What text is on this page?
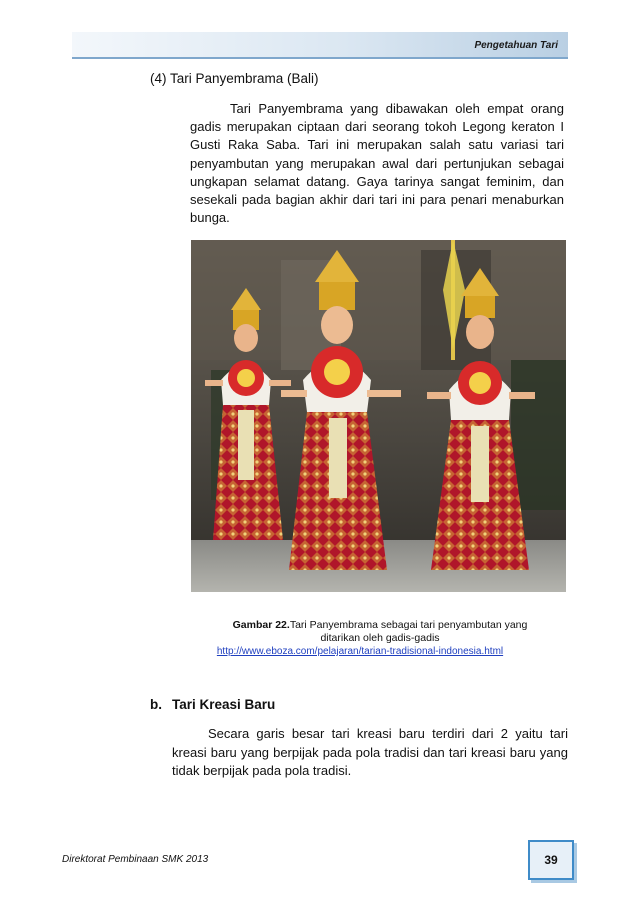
Pengetahuan Tari
(4) Tari Panyembrama (Bali)

Tari Panyembrama yang dibawakan oleh empat orang gadis merupakan ciptaan dari seorang tokoh Legong keraton I Gusti Raka Saba. Tari ini merupakan salah satu variasi tari penyambutan yang merupakan awal dari pertunjukan sebagai ungkapan selamat datang. Gaya tarinya sangat feminim, dan sesekali pada bagian akhir dari tari ini para penari menaburkan bunga.

Gambar 22.Tari Panyembrama sebagai tari penyambutan yang
ditarikan oleh gadis-gadis
http://www.eboza.com/pelajaran/tarian-tradisional-indonesia.html
b. Tari Kreasi Baru

Secara garis besar tari kreasi baru terdiri dari 2 yaitu tari kreasi baru yang berpijak pada pola tradisi dan tari kreasi baru yang tidak berpijak pada pola tradisi.

Direktorat Pembinaan SMK 2013	39
